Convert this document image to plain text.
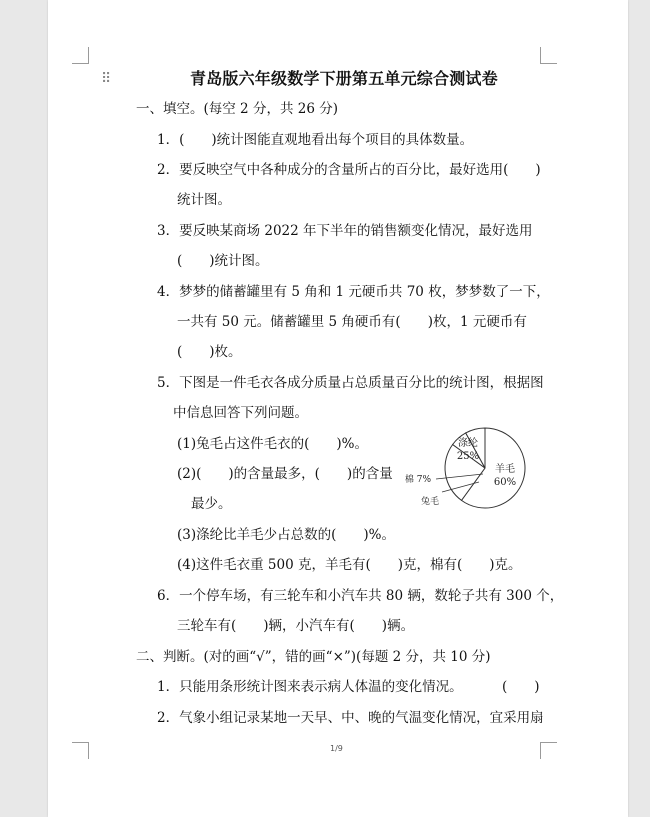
⠿	青岛版六年级数学下册第五单元综合测试卷
一、填空。(每空 2 分，共 26 分)
1．(　　)统计图能直观地看出每个项目的具体数量。
2．要反映空气中各种成分的含量所占的百分比，最好选用(　　)
统计图。
3．要反映某商场 2022 年下半年的销售额变化情况，最好选用
(　　)统计图。
4．梦梦的储蓄罐里有 5 角和 1 元硬币共 70 枚，梦梦数了一下，
一共有 50 元。储蓄罐里 5 角硬币有(　　)枚，1 元硬币有
(　　)枚。
5．下图是一件毛衣各成分质量占总质量百分比的统计图，根据图
中信息回答下列问题。
(1)兔毛占这件毛衣的(　　)%。
(2)(　　)的含量最多，(　　)的含量
最少。
(3)涤纶比羊毛少占总数的(　　)%。
(4)这件毛衣重 500 克，羊毛有(　　)克，棉有(　　)克。
羊毛
60%
涤纶
25%
棉 7%
兔毛
6．一个停车场，有三轮车和小汽车共 80 辆，数轮子共有 300 个，
三轮车有(　　)辆，小汽车有(　　)辆。
二、判断。(对的画“√”，错的画“×”)(每题 2 分，共 10 分)
1．只能用条形统计图来表示病人体温的变化情况。	(　　)
2．气象小组记录某地一天早、中、晚的气温变化情况，宜采用扇
1/9
